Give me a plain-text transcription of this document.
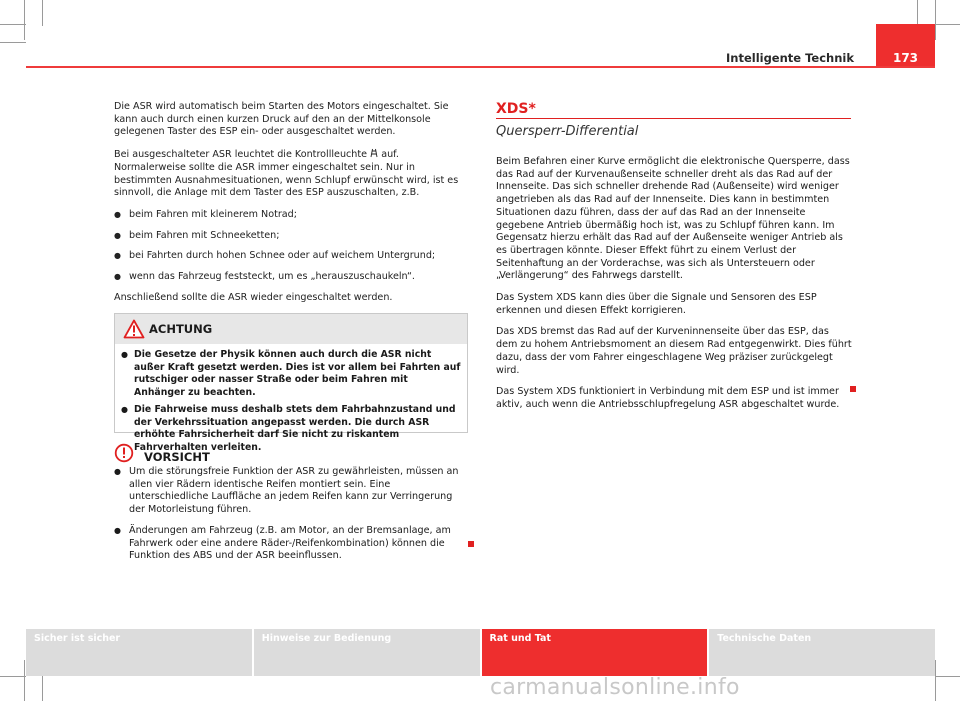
173
Intelligente Technik

Die ASR wird automatisch beim Starten des Motors eingeschaltet. Sie kann auch durch einen kurzen Druck auf den an der Mittelkonsole gelegenen Taster des ESP ein- oder ausgeschaltet werden.

Bei ausgeschalteter ASR leuchtet die Kontrollleuchte auf. Normalerweise sollte die ASR immer eingeschaltet sein. Nur in bestimmten Ausnahmesituationen, wenn Schlupf erwünscht wird, ist es sinnvoll, die Anlage mit dem Taster des ESP auszuschalten, z.B.

● beim Fahren mit kleinerem Notrad;
● beim Fahren mit Schneeketten;
● bei Fahrten durch hohen Schnee oder auf weichem Untergrund;
● wenn das Fahrzeug feststeckt, um es „herauszuschaukeln“.

Anschließend sollte die ASR wieder eingeschaltet werden.

ACHTUNG
● Die Gesetze der Physik können auch durch die ASR nicht außer Kraft gesetzt werden. Dies ist vor allem bei Fahrten auf rutschiger oder nasser Straße oder beim Fahren mit Anhänger zu beachten.
● Die Fahrweise muss deshalb stets dem Fahrbahnzustand und der Verkehrssituation angepasst werden. Die durch ASR erhöhte Fahrsicherheit darf Sie nicht zu riskantem Fahrverhalten verleiten.
VORSICHT
● Um die störungsfreie Funktion der ASR zu gewährleisten, müssen an allen vier Rädern identische Reifen montiert sein. Eine unterschiedliche Lauffläche an jedem Reifen kann zur Verringerung der Motorleistung führen.
● Änderungen am Fahrzeug (z.B. am Motor, an der Bremsanlage, am Fahrwerk oder eine andere Räder-/Reifenkombination) können die Funktion des ABS und der ASR beeinflussen.
XDS*
Quersperr-Differential

Beim Befahren einer Kurve ermöglicht die elektronische Quersperre, dass das Rad auf der Kurvenaußenseite schneller dreht als das Rad auf der Innenseite. Das sich schneller drehende Rad (Außenseite) wird weniger angetrieben als das Rad auf der Innenseite. Dies kann in bestimmten Situationen dazu führen, dass der auf das Rad an der Innenseite gegebene Antrieb übermäßig hoch ist, was zu Schlupf führen kann. Im Gegensatz hierzu erhält das Rad auf der Außenseite weniger Antrieb als es übertragen könnte. Dieser Effekt führt zu einem Verlust der Seitenhaftung an der Vorderachse, was sich als Untersteuern oder „Verlängerung“ des Fahrwegs darstellt.

Das System XDS kann dies über die Signale und Sensoren des ESP erkennen und diesen Effekt korrigieren.

Das XDS bremst das Rad auf der Kurveninnenseite über das ESP, das dem zu hohem Antriebsmoment an diesem Rad entgegenwirkt. Dies führt dazu, dass der vom Fahrer eingeschlagene Weg präziser zurückgelegt wird.

Das System XDS funktioniert in Verbindung mit dem ESP und ist immer aktiv, auch wenn die Antriebsschlupfregelung ASR abgeschaltet wurde.

Sicher ist sicher	Hinweise zur Bedienung	Rat und Tat	Technische Daten
carmanualsonline.info
